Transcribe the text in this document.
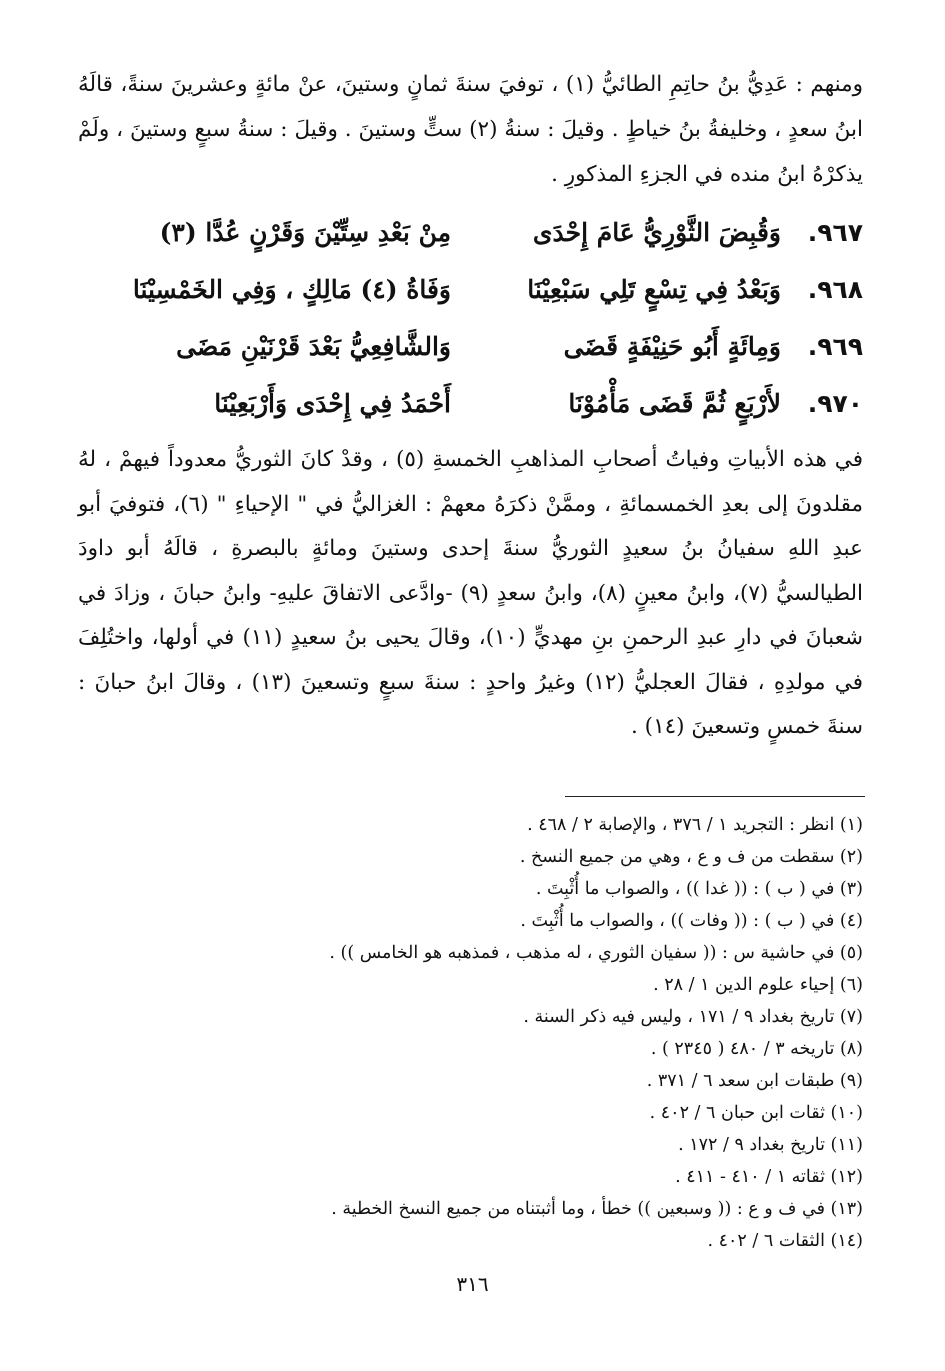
ومنهم : عَدِيُّ بنُ حاتِمِ الطائيُّ (١) ، توفيَ سنةَ ثمانٍ وستينَ، عنْ مائةٍ وعشرينَ سنةً، قالَهُ ابنُ سعدٍ ، وخليفةُ بنُ خياطٍ . وقيلَ : سنةُ (٢) ستٍّ وستينَ . وقيلَ : سنةُ سبعٍ وستينَ ، ولَمْ يذكرْهُ ابنُ منده في الجزءِ المذكورِ .

٩٦٧.
وَقُبِضَ الثَّوْرِيُّ عَامَ إِحْدَى
مِنْ بَعْدِ سِتِّيْنَ وَقَرْنٍ عُدَّا (٣)
٩٦٨.
وَبَعْدُ فِي تِسْعٍ تَلِي سَبْعِيْنَا
وَفَاةُ (٤) مَالِكٍ ، وَفِي الخَمْسِيْنَا
٩٦٩.
وَمِائَةٍ أَبُو حَنِيْفَةٍ قَضَى
وَالشَّافِعِيُّ بَعْدَ قَرْنَيْنِ مَضَى
٩٧٠.
لأَرْبَعٍ ثُمَّ قَضَى مَأْمُوْنَا
أَحْمَدُ فِي إِحْدَى وَأَرْبَعِيْنَا

في هذه الأبياتِ وفياتُ أصحابِ المذاهبِ الخمسةِ (٥) ، وقدْ كانَ الثوريُّ معدوداً فيهمْ ، لهُ مقلدونَ إلى بعدِ الخمسمائةِ ، وممَّنْ ذكرَهُ معهمْ : الغزاليُّ في " الإحياءِ " (٦)، فتوفيَ أبو عبدِ اللهِ سفيانُ بنُ سعيدٍ الثوريُّ سنةَ إحدى وستينَ ومائةٍ بالبصرةِ ، قالَهُ أبو داودَ الطيالسيُّ (٧)، وابنُ معينٍ (٨)، وابنُ سعدٍ (٩) -وادَّعى الاتفاقَ عليهِ- وابنُ حبانَ ، وزادَ في شعبانَ في دارِ عبدِ الرحمنِ بنِ مهديٍّ (١٠)، وقالَ يحيى بنُ سعيدٍ (١١) في أولها، واختُلِفَ في مولدِهِ ، فقالَ العجليُّ (١٢) وغيرُ واحدٍ : سنةَ سبعٍ وتسعينَ (١٣) ، وقالَ ابنُ حبانَ : سنةَ خمسٍ وتسعينَ (١٤) .

(١) انظر : التجريد ١ / ٣٧٦ ، والإصابة ٢ / ٤٦٨ .
(٢) سقطت من ف و ع ، وهي من جميع النسخ .
(٣) في ( ب ) : (( غدا )) ، والصواب ما أُثْبِتَ .
(٤) في ( ب ) : (( وفات )) ، والصواب ما أُثْبِتَ .
(٥) في حاشية س : (( سفيان الثوري ، له مذهب ، فمذهبه هو الخامس )) .
(٦) إحياء علوم الدين ١ / ٢٨ .
(٧) تاريخ بغداد ٩ / ١٧١ ، وليس فيه ذكر السنة .
(٨) تاريخه ٣ / ٤٨٠ ( ٢٣٤٥ ) .
(٩) طبقات ابن سعد ٦ / ٣٧١ .
(١٠) ثقات ابن حبان ٦ / ٤٠٢ .
(١١) تاريخ بغداد ٩ / ١٧٢ .
(١٢) ثقاته ١ / ٤١٠ - ٤١١ .
(١٣) في ف و ع : (( وسبعين )) خطأ ، وما أثبتناه من جميع النسخ الخطية .
(١٤) الثقات ٦ / ٤٠٢ .
٣١٦
